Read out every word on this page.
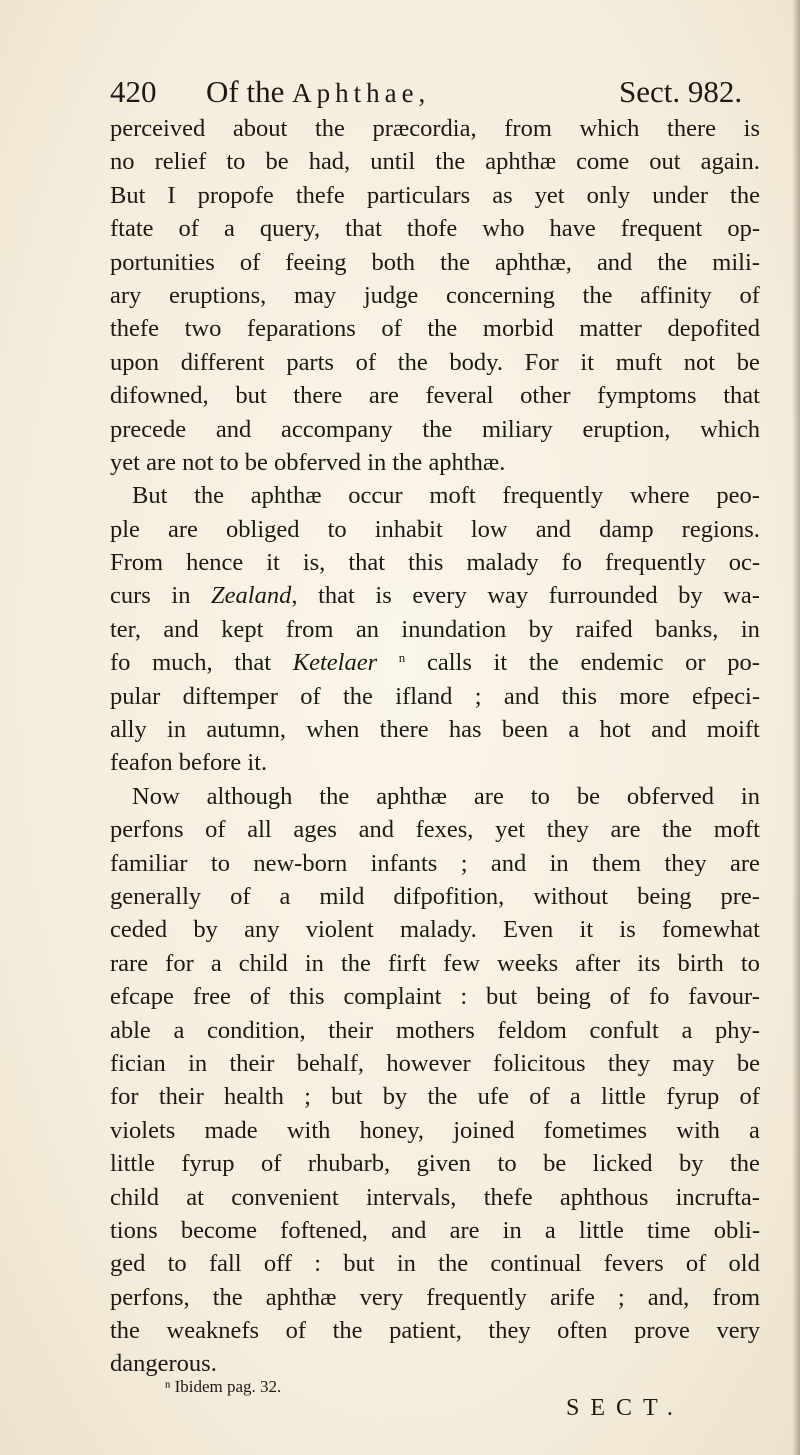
420 Of the Aphthae,	Sect. 982.
perceived about the præcordia, from which there is
no relief to be had, until the aphthæ come out again.
But I propofe thefe particulars as yet only under the
ftate of a query, that thofe who have frequent op-
portunities of feeing both the aphthæ, and the mili-
ary eruptions, may judge concerning the affinity of
thefe two feparations of the morbid matter depofited
upon different parts of the body. For it muft not be
difowned, but there are feveral other fymptoms that
precede and accompany the miliary eruption, which
yet
are
not
to
be
obferved
in
the
aphthæ.
But the aphthæ occur moft frequently where peo-
ple are obliged to inhabit low and damp regions.
From hence it is, that this malady fo frequently oc-
curs in Zealand, that is every way furrounded by wa-
ter, and kept from an inundation by raifed banks, in
fo much, that Ketelaer $^n$ calls it the endemic or po-
pular diftemper of the ifland ; and this more efpeci-
ally in autumn, when there has been a hot and moift
feafon
before
it.
Now although the aphthæ are to be obferved in
perfons of all ages and fexes, yet they are the moft
familiar to new-born infants ; and in them they are
generally of a mild difpofition, without being pre-
ceded by any violent malady. Even it is fomewhat
rare for a child in the firft few weeks after its birth to
efcape free of this complaint : but being of fo favour-
able a condition, their mothers feldom confult a phy-
fician in their behalf, however folicitous they may be
for their health ; but by the ufe of a little fyrup of
violets made with honey, joined fometimes with a
little fyrup of rhubarb, given to be licked by the
child at convenient intervals, thefe aphthous incrufta-
tions become foftened, and are in a little time obli-
ged to fall off : but in the continual fevers of old
perfons, the aphthæ very frequently arife ; and, from
the weaknefs of the patient, they often prove very
dangerous.
ⁿ Ibidem pag. 32.
SECT.
